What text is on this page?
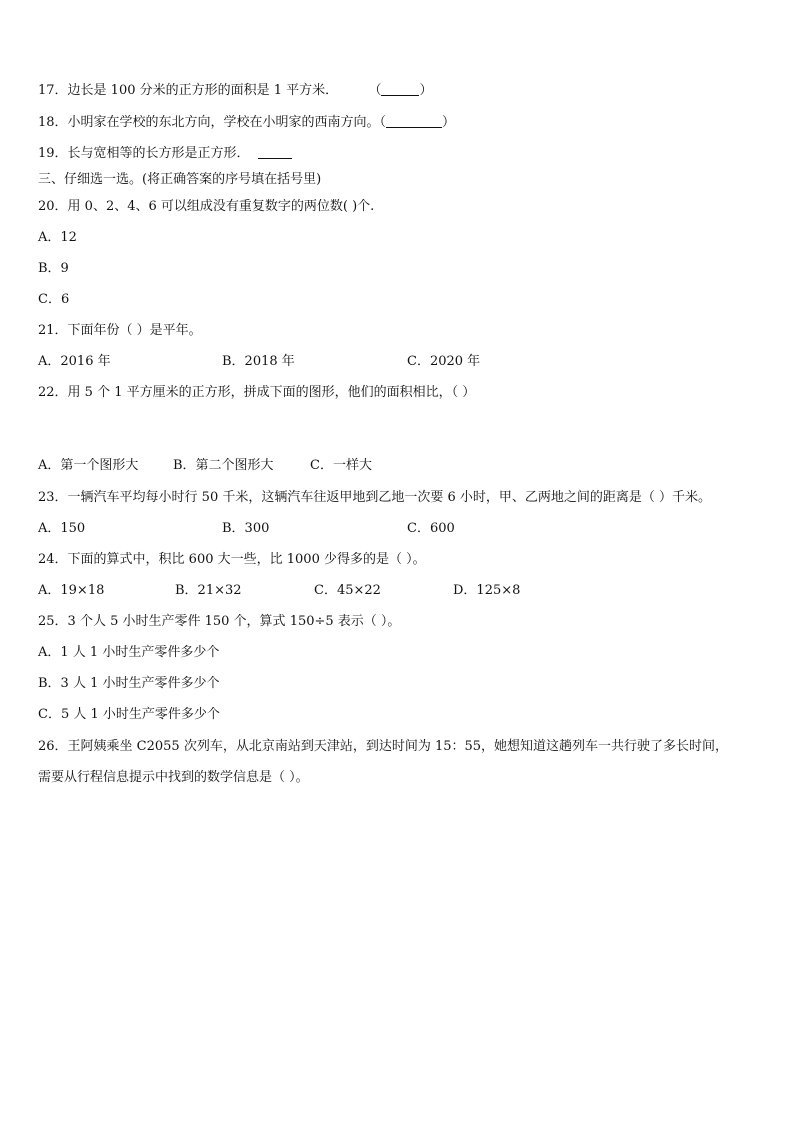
17．边长是 100 分米的正方形的面积是 1 平方米． （	）
18．小明家在学校的东北方向，学校在小明家的西南方向。（	）
19．长与宽相等的长方形是正方形．
三、仔细选一选。(将正确答案的序号填在括号里)
20．用 0、2、4、6 可以组成没有重复数字的两位数( )个.
A．12
B．9
C．6
21．下面年份（ ）是平年。
A．2016 年	B．2018 年	C．2020 年
22．用 5 个 1 平方厘米的正方形，拼成下面的图形，他们的面积相比，（ ）
A．第一个图形大	B．第二个图形大	C．一样大
23．一辆汽车平均每小时行 50 千米，这辆汽车往返甲地到乙地一次要 6 小时，甲、乙两地之间的距离是（ ）千米。
A．150	B．300	C．600
24．下面的算式中，积比 600 大一些，比 1000 少得多的是（ ）。
A．19×18	B．21×32	C．45×22	D．125×8
25．3 个人 5 小时生产零件 150 个，算式 150÷5 表示（ ）。
A．1 人 1 小时生产零件多少个
B．3 人 1 小时生产零件多少个
C．5 人 1 小时生产零件多少个
26．王阿姨乘坐 C2055 次列车，从北京南站到天津站，到达时间为 15：55，她想知道这趟列车一共行驶了多长时间，
需要从行程信息提示中找到的数学信息是（ ）。
